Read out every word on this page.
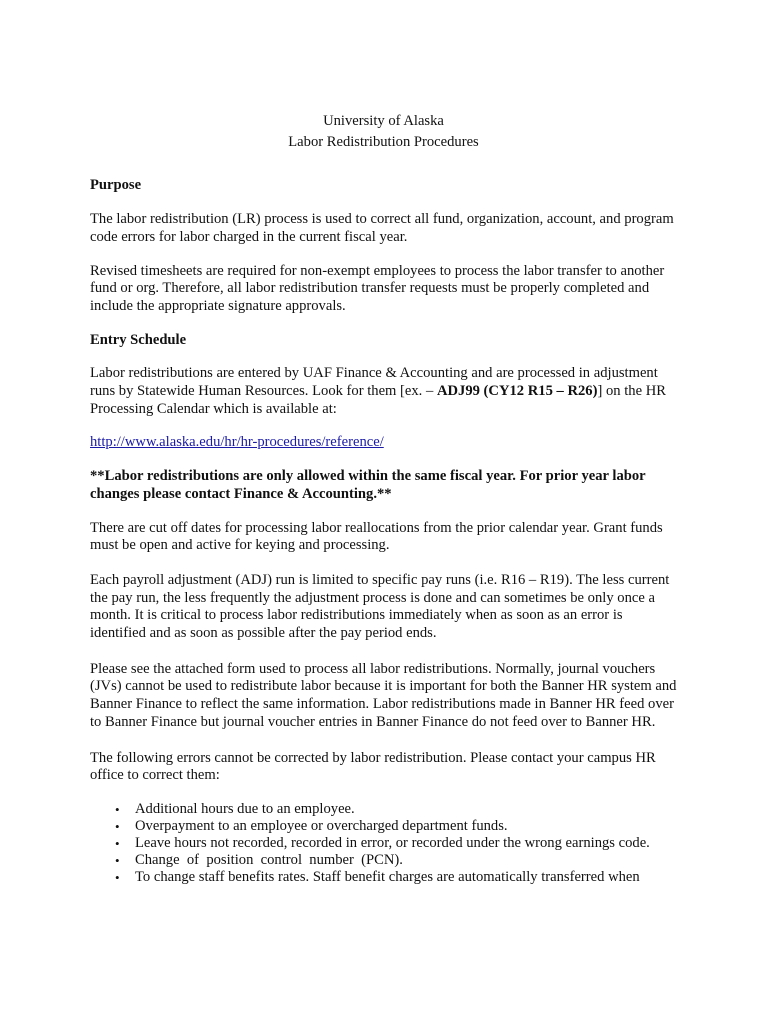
University of Alaska
Labor Redistribution Procedures
Purpose

The labor redistribution (LR) process is used to correct all fund, organization, account, and program code errors for labor charged in the current fiscal year.

Revised timesheets are required for non-exempt employees to process the labor transfer to another fund or org. Therefore, all labor redistribution transfer requests must be properly completed and include the appropriate signature approvals.

Entry Schedule

Labor redistributions are entered by UAF Finance & Accounting and are processed in adjustment runs by Statewide Human Resources. Look for them [ex. – ADJ99 (CY12 R15 – R26)] on the HR Processing Calendar which is available at:

http://www.alaska.edu/hr/hr-procedures/reference/

**Labor redistributions are only allowed within the same fiscal year. For prior year labor changes please contact Finance & Accounting.**

There are cut off dates for processing labor reallocations from the prior calendar year. Grant funds must be open and active for keying and processing.

Each payroll adjustment (ADJ) run is limited to specific pay runs (i.e. R16 – R19). The less current the pay run, the less frequently the adjustment process is done and can sometimes be only once a month. It is critical to process labor redistributions immediately when as soon as an error is identified and as soon as possible after the pay period ends.

Please see the attached form used to process all labor redistributions. Normally, journal vouchers (JVs) cannot be used to redistribute labor because it is important for both the Banner HR system and Banner Finance to reflect the same information. Labor redistributions made in Banner HR feed over to Banner Finance but journal voucher entries in Banner Finance do not feed over to Banner HR.

The following errors cannot be corrected by labor redistribution. Please contact your campus HR office to correct them:

• Additional hours due to an employee.
• Overpayment to an employee or overcharged department funds.
• Leave hours not recorded, recorded in error, or recorded under the wrong earnings code.
• Change  of  position  control  number  (PCN).
• To change staff benefits rates. Staff benefit charges are automatically transferred when
